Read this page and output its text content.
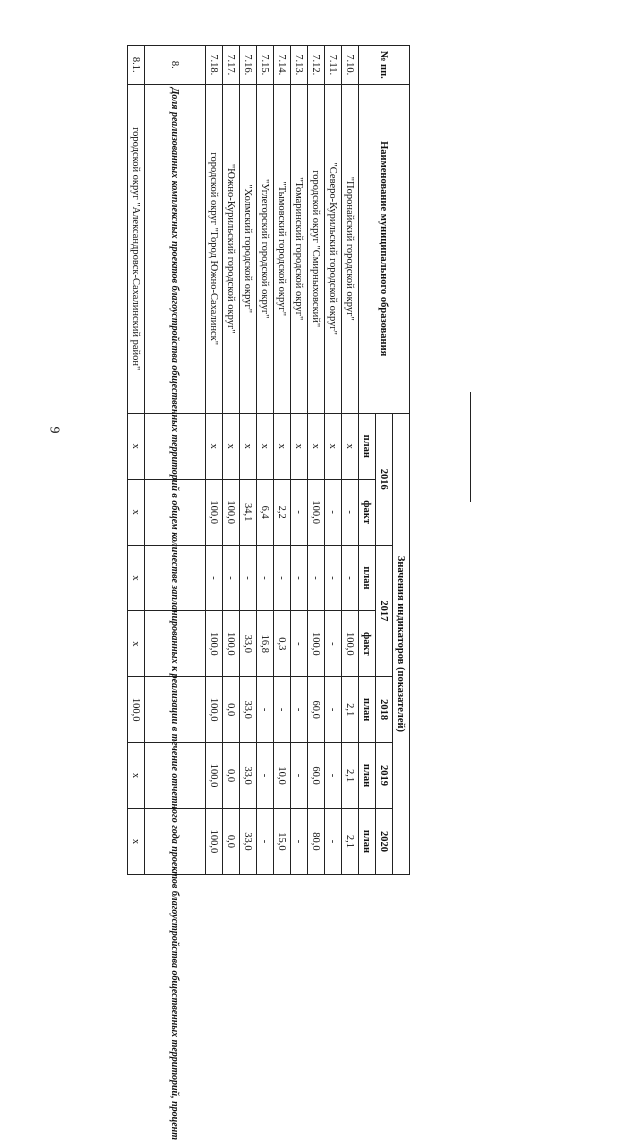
9
№ пп.	Наименование муниципального образования	Значения индикаторов (показателей)						
		2016		2017		2018	2019	2020
		план	факт	план	факт	план	план	план
7.10.	"Поронайский городской округ"	x	-	-	100,0	2,1	2,1	2,1
7.11.	"Северо-Курильский городской округ"	x	-	-	-	-	-	-
7.12.	городской округ "Смирныховский"	x	100,0	-	100,0	60,0	60,0	80,0
7.13.	"Томаринский городской округ"	x	-	-	-	-	-	-
7.14.	"Тымовский городской округ"	x	2,2	-	0,3	-	10,0	15,0
7.15.	"Углегорский городской округ"	x	6,4	-	16,8	-	-	-
7.16.	"Холмский городской округ"	x	34,1	-	33,0	33,0	33,0	33,0
7.17.	"Южно-Курильский городской округ"	x	100,0	-	100,0	0,0	0,0	0,0
7.18.	городской округ "Город Южно-Сахалинск"	x	100,0	-	100,0	100,0	100,0	100,0
8.	Доля реализованных комплексных проектов благоустройства общественных территорий в общем количестве запланированных к реализации в течение отчетного года проектов благоустройства общественных территорий, процент							
8.1.	городской округ "Александровск-Сахалинский район"	x	x	x	x	100,0	x	x
